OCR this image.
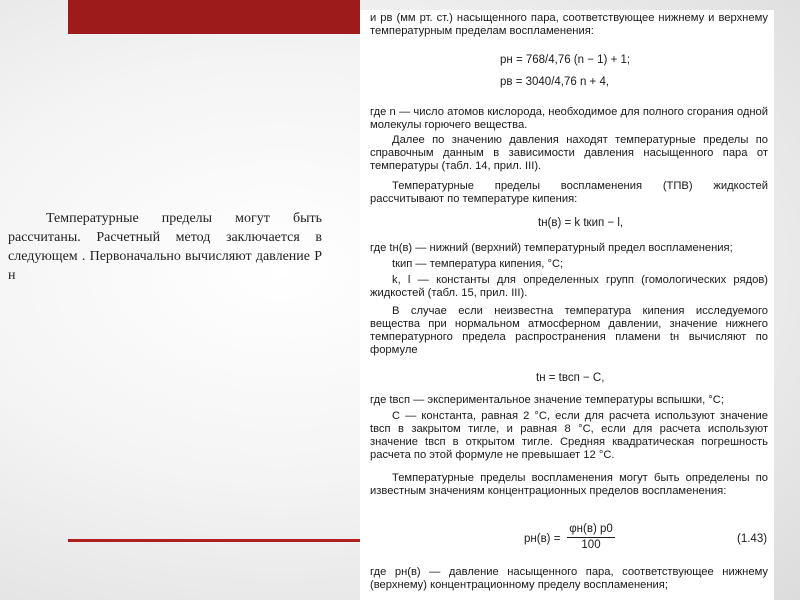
Температурные пределы могут быть рассчитаны. Расчетный метод заключается в следующем . Первоначально вычисляют давление Р н
и pв (мм рт. ст.) насыщенного пара, соответствующее нижнему и верхнему температурным пределам воспламенения:
pн = 768/4,76 (n − 1) + 1;
pв = 3040/4,76 n + 4,
где n — число атомов кислорода, необходимое для полного сгорания одной молекулы горючего вещества.
Далее по значению давления находят температурные пределы по справочным данным в зависимости давления насыщенного пара от температуры (табл. 14, прил. III).
Температурные пределы воспламенения (ТПВ) жидкостей рассчитывают по температуре кипения:
tн(в) = k tкип − l,
где tн(в) — нижний (верхний) температурный предел воспламенения;
tкип — температура кипения, °С;
k, l — константы для определенных групп (гомологических рядов) жидкостей (табл. 15, прил. III).
В случае если неизвестна температура кипения исследуемого вещества при нормальном атмосферном давлении, значение нижнего температурного предела распространения пламени tн вычисляют по формуле
tн = tвсп − С,
где tвсп — экспериментальное значение температуры вспышки, °С;
С — константа, равная 2 °С, если для расчета используют значение tвсп в закрытом тигле, и равная 8 °С, если для расчета используют значение tвсп в открытом тигле. Средняя квадратическая погрешность расчета по этой формуле не превышает 12 °С.
Температурные пределы воспламенения могут быть определены по известным значениям концентрационных пределов воспламенения:
pн(в) =
φн(в) p0
100	(1.43)
где pн(в) — давление насыщенного пара, соответствующее нижнему (верхнему) концентрационному пределу воспламенения;
